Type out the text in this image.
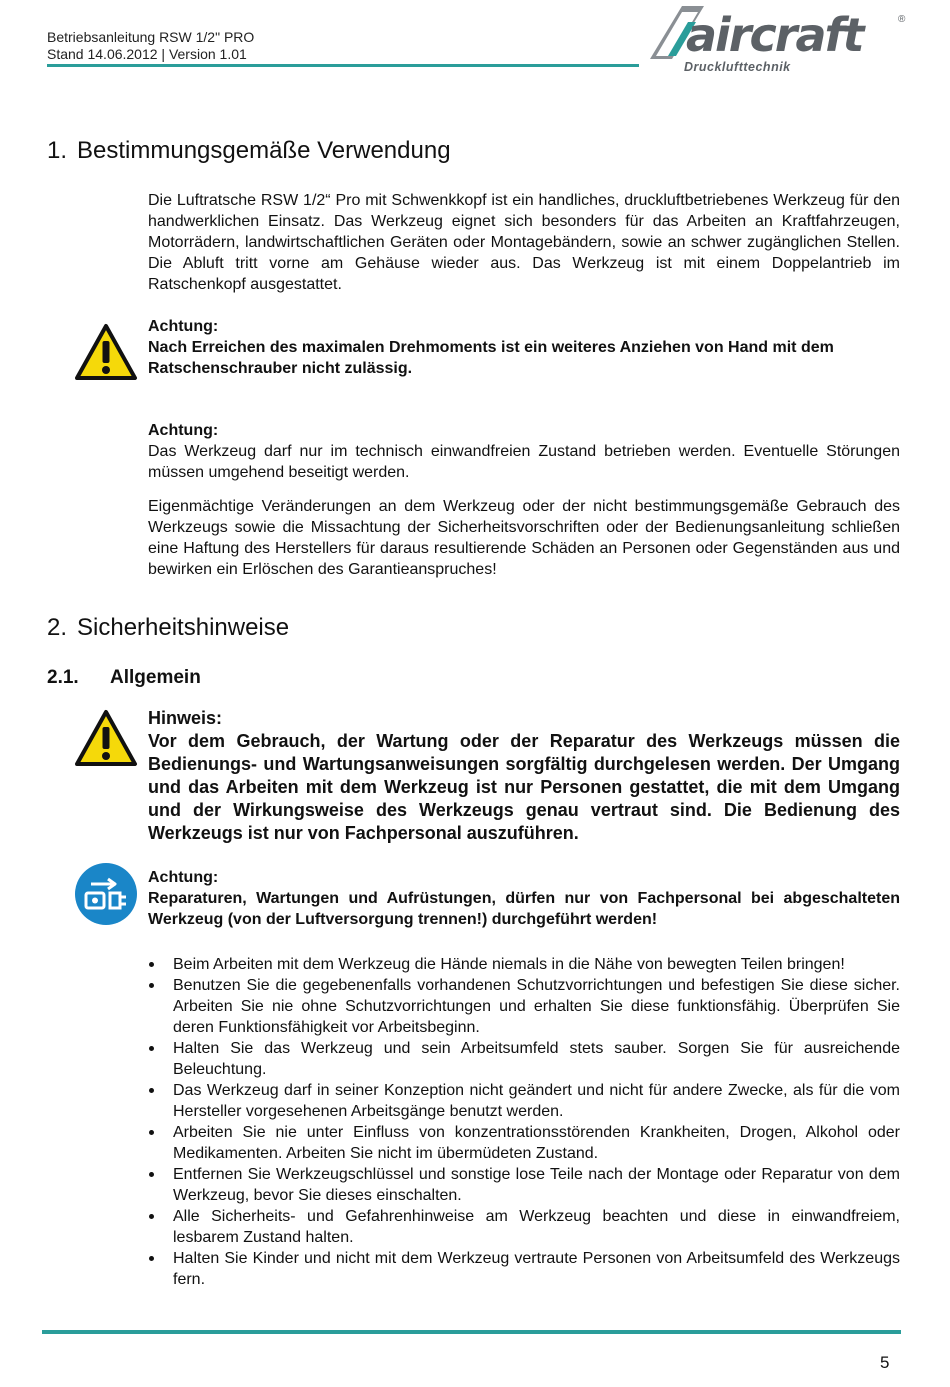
Betriebsanleitung RSW 1/2" PRO
Stand 14.06.2012 | Version 1.01	aircraft	®
Drucklufttechnik
1. Bestimmungsgemäße Verwendung
Die Luftratsche RSW 1/2“ Pro mit Schwenkkopf ist ein handliches, druckluftbetriebenes Werkzeug für den handwerklichen Einsatz. Das Werkzeug eignet sich besonders für das Arbeiten an Kraftfahrzeugen, Motorrädern, landwirtschaftlichen Geräten oder Montagebändern, sowie an schwer zugänglichen Stellen. Die Abluft tritt vorne am Gehäuse wieder aus. Das Werkzeug ist mit einem Doppelantrieb im Ratschenkopf ausgestattet.
Achtung:
Nach Erreichen des maximalen Drehmoments ist ein weiteres Anziehen von Hand mit dem
Ratschenschrauber nicht zulässig.
Achtung:
Das Werkzeug darf nur im technisch einwandfreien Zustand betrieben werden. Eventuelle Störungen müssen umgehend beseitigt werden.
Eigenmächtige Veränderungen an dem Werkzeug oder der nicht bestimmungsgemäße Gebrauch des Werkzeugs sowie die Missachtung der Sicherheitsvorschriften oder der Bedienungsanleitung schließen eine Haftung des Herstellers für daraus resultierende Schäden an Personen oder Gegenständen aus und bewirken ein Erlöschen des Garantieanspruches!
2. Sicherheitshinweise
2.1. Allgemein
Hinweis:
Vor dem Gebrauch, der Wartung oder der Reparatur des Werkzeugs müssen die Bedienungs- und Wartungsanweisungen sorgfältig durchgelesen werden. Der Umgang und das Arbeiten mit dem Werkzeug ist nur Personen gestattet, die mit dem Umgang und der Wirkungsweise des Werkzeugs genau vertraut sind. Die Bedienung des Werkzeugs ist nur von Fachpersonal auszuführen.
Achtung:
Reparaturen, Wartungen und Aufrüstungen, dürfen nur von Fachpersonal bei abgeschalteten Werkzeug (von der Luftversorgung trennen!) durchgeführt werden!
Beim Arbeiten mit dem Werkzeug die Hände niemals in die Nähe von bewegten Teilen bringen!
Benutzen Sie die gegebenenfalls vorhandenen Schutzvorrichtungen und befestigen Sie diese sicher. Arbeiten Sie nie ohne Schutzvorrichtungen und erhalten Sie diese funktionsfähig. Überprüfen Sie deren Funktionsfähigkeit vor Arbeitsbeginn.
Halten Sie das Werkzeug und sein Arbeitsumfeld stets sauber. Sorgen Sie für ausreichende Beleuchtung.
Das Werkzeug darf in seiner Konzeption nicht geändert und nicht für andere Zwecke, als für die vom Hersteller vorgesehenen Arbeitsgänge benutzt werden.
Arbeiten Sie nie unter Einfluss von konzentrationsstörenden Krankheiten, Drogen, Alkohol oder Medikamenten. Arbeiten Sie nicht im übermüdeten Zustand.
Entfernen Sie Werkzeugschlüssel und sonstige lose Teile nach der Montage oder Reparatur von dem Werkzeug, bevor Sie dieses einschalten.
Alle Sicherheits- und Gefahrenhinweise am Werkzeug beachten und diese in einwandfreiem, lesbarem Zustand halten.
Halten Sie Kinder und nicht mit dem Werkzeug vertraute Personen von Arbeitsumfeld des Werkzeugs fern.
5
